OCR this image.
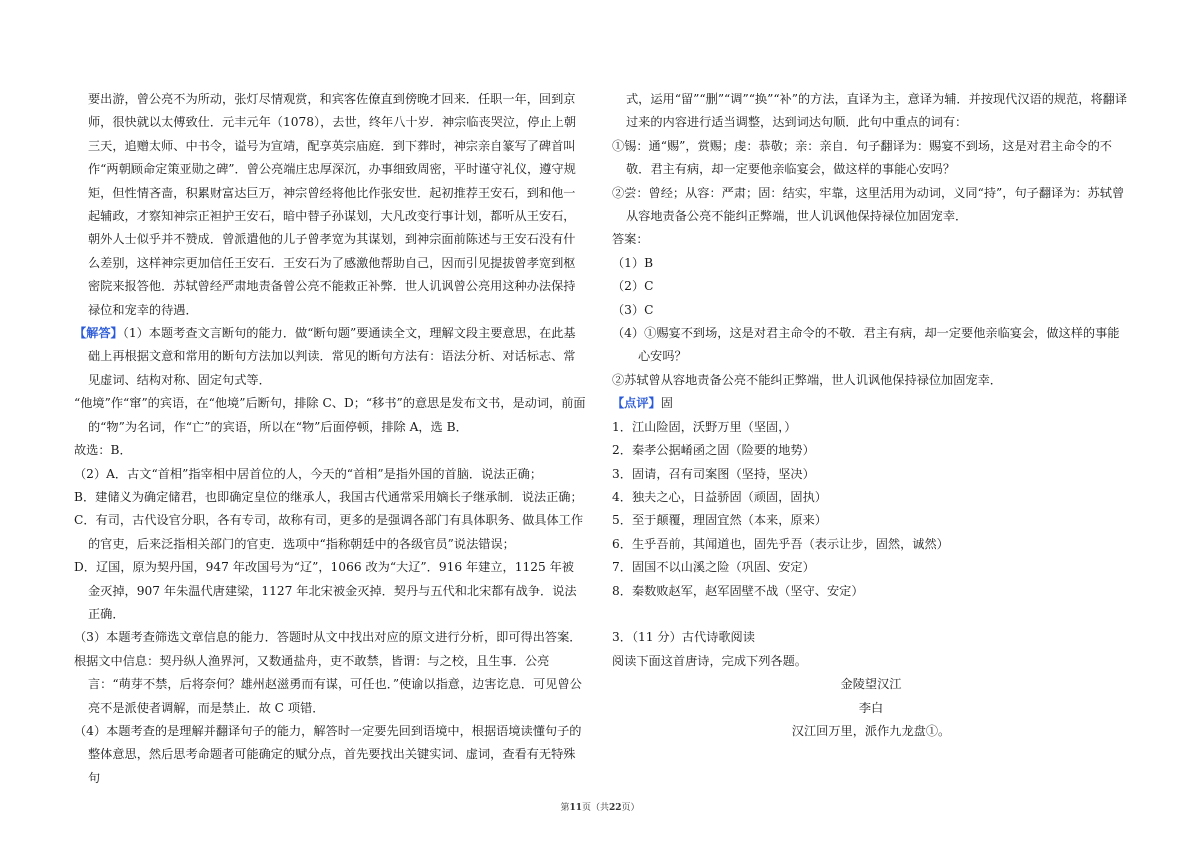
要出游，曾公亮不为所动，张灯尽情观赏，和宾客佐僚直到傍晚才回来．任职一年，回到京师，很快就以太傅致仕．元丰元年（1078），去世，终年八十岁．神宗临丧哭泣，停止上朝三天，追赠太师、中书令，谥号为宣靖，配享英宗庙庭．到下葬时，神宗亲自篆写了碑首叫作“两朝顾命定策亚勋之碑”．曾公亮端庄忠厚深沉，办事细致周密，平时谨守礼仪，遵守规矩，但性情吝啬，积累财富达巨万，神宗曾经将他比作张安世．起初推荐王安石，到和他一起辅政，才察知神宗正袒护王安石，暗中替子孙谋划，大凡改变行事计划，都听从王安石，朝外人士似乎并不赞成．曾派遣他的儿子曾孝宽为其谋划，到神宗面前陈述与王安石没有什么差别，这样神宗更加信任王安石．王安石为了感激他帮助自己，因而引见提拔曾孝宽到枢密院来报答他．苏轼曾经严肃地责备曾公亮不能救正补弊．世人讥讽曾公亮用这种办法保持禄位和宠幸的待遇．

【解答】（1）本题考查文言断句的能力．做“断句题”要通读全文，理解文段主要意思，在此基础上再根据文意和常用的断句方法加以判读．常见的断句方法有：语法分析、对话标志、常见虚词、结构对称、固定句式等．

“他境”作“窜”的宾语，在“他境”后断句，排除 C、D；“移书”的意思是发布文书，是动词，前面的“物”为名词，作“亡”的宾语，所以在“物”后面停顿，排除 A，选 B．

故选：B．

（2）A．古文“首相”指宰相中居首位的人，今天的“首相”是指外国的首脑．说法正确；

B．建储义为确定储君，也即确定皇位的继承人，我国古代通常采用嫡长子继承制．说法正确；

C．有司，古代设官分职，各有专司，故称有司，更多的是强调各部门有具体职务、做具体工作的官吏，后来泛指相关部门的官吏．选项中“指称朝廷中的各级官员”说法错误；

D．辽国，原为契丹国，947 年改国号为“辽”，1066 改为“大辽”．916 年建立，1125 年被金灭掉，907 年朱温代唐建梁，1127 年北宋被金灭掉．契丹与五代和北宋都有战争．说法正确．

（3）本题考查筛选文章信息的能力．答题时从文中找出对应的原文进行分析，即可得出答案．

根据文中信息：契丹纵人渔界河，又数通盐舟，吏不敢禁，皆谓：与之校，且生事．公亮言：“萌芽不禁，后将奈何？雄州赵滋勇而有谋，可任也．”使谕以指意，边害讫息．可见曾公亮不是派使者调解，而是禁止．故 C 项错．

（4）本题考查的是理解并翻译句子的能力，解答时一定要先回到语境中，根据语境读懂句子的整体意思，然后思考命题者可能确定的赋分点，首先要找出关键实词、虚词，查看有无特殊句

式，运用“留”“删”“调”“换”“补”的方法，直译为主，意译为辅．并按现代汉语的规范，将翻译过来的内容进行适当调整，达到词达句顺．此句中重点的词有：

①锡：通“赐”，赏赐；虔：恭敬；亲：亲自．句子翻译为：赐宴不到场，这是对君主命令的不敬．君主有病，却一定要他亲临宴会，做这样的事能心安吗？

②尝：曾经；从容：严肃；固：结实，牢靠，这里活用为动词，义同“持”，句子翻译为：苏轼曾从容地责备公亮不能纠正弊端，世人讥讽他保持禄位加固宠幸．

答案：

（1）B

（2）C

（3）C

（4）①赐宴不到场，这是对君主命令的不敬．君主有病，却一定要他亲临宴会，做这样的事能心安吗？

②苏轼曾从容地责备公亮不能纠正弊端，世人讥讽他保持禄位加固宠幸．

【点评】固

1．江山险固，沃野万里（坚固，）

2．秦孝公据崤函之固（险要的地势）

3．固请，召有司案图（坚持，坚决）

4．独夫之心，日益骄固（顽固，固执）

5．至于颠覆，理固宜然（本来，原来）

6．生乎吾前，其闻道也，固先乎吾（表示让步，固然，诚然）

7．固国不以山溪之险（巩固、安定）

8．秦数败赵军，赵军固壁不战（坚守、安定）

3．（11 分）古代诗歌阅读

阅读下面这首唐诗，完成下列各题。

金陵望汉江

李白

汉江回万里，派作九龙盘①。

第11页（共22页）
